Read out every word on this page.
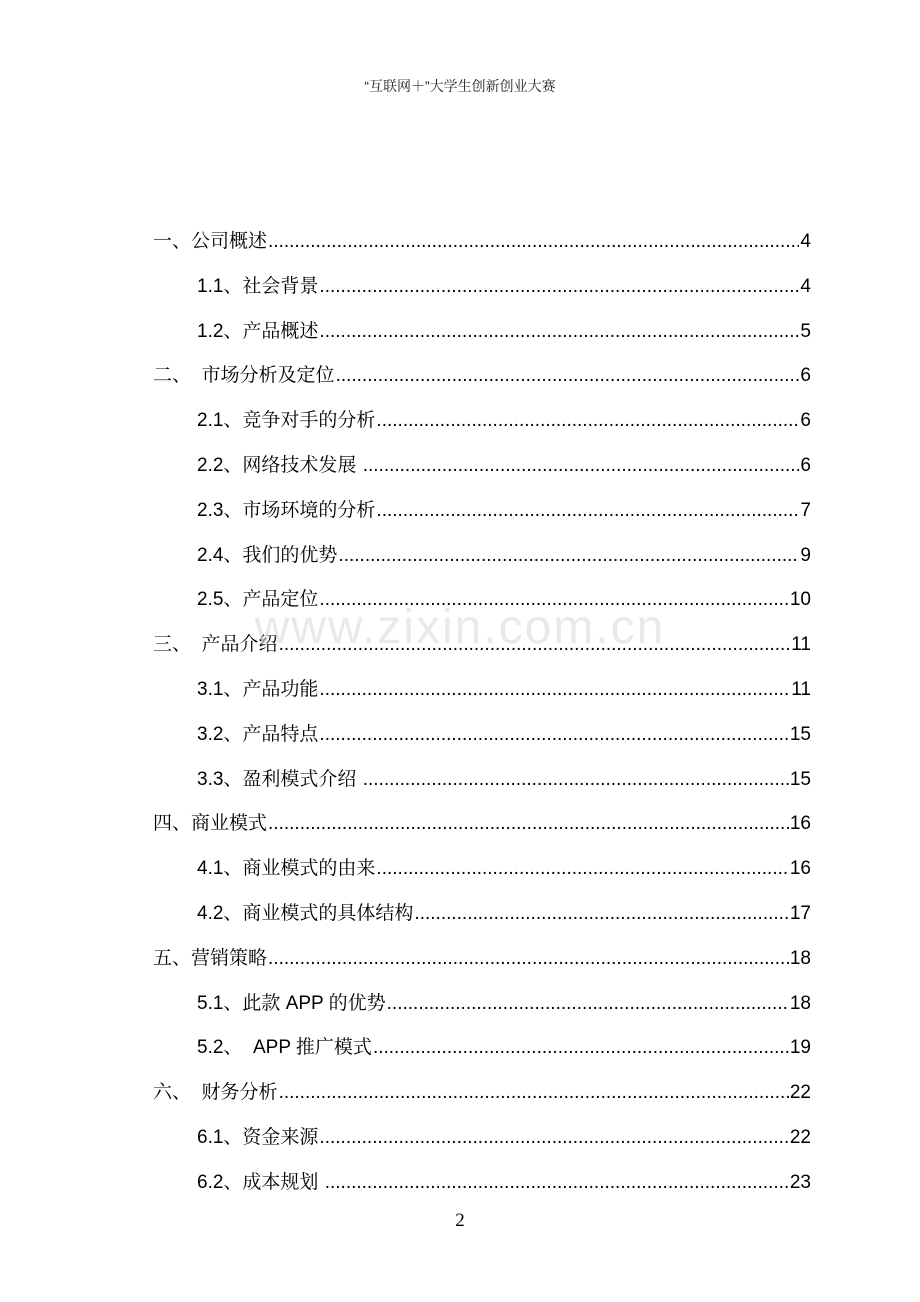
“互联网＋”大学生创新创业大赛
一、公司概述 .....	4
1.1、社会背景 .....	4
1.2、产品概述 .....	5
二、  市场分析及定位 .....	6
2.1、竞争对手的分析 .....	6
2.2、网络技术发展 .....	6
2.3、市场环境的分析 .....	7
2.4、我们的优势 .....	9
2.5、产品定位 .....	10
三、  产品介绍 .....	11
3.1、产品功能 .....	11
3.2、产品特点 .....	15
3.3、盈利模式介绍 .....	15
四、商业模式 .....	16
4.1、商业模式的由来 .....	16
4.2、商业模式的具体结构 .....	17
五、营销策略 .....	18
5.1、此款 APP 的优势 .....	18
5.2、  APP 推广模式 .....	19
六、  财务分析 .....	22
6.1、资金来源 .....	22
6.2、成本规划 .....	23
www.zixin.com.cn
2
